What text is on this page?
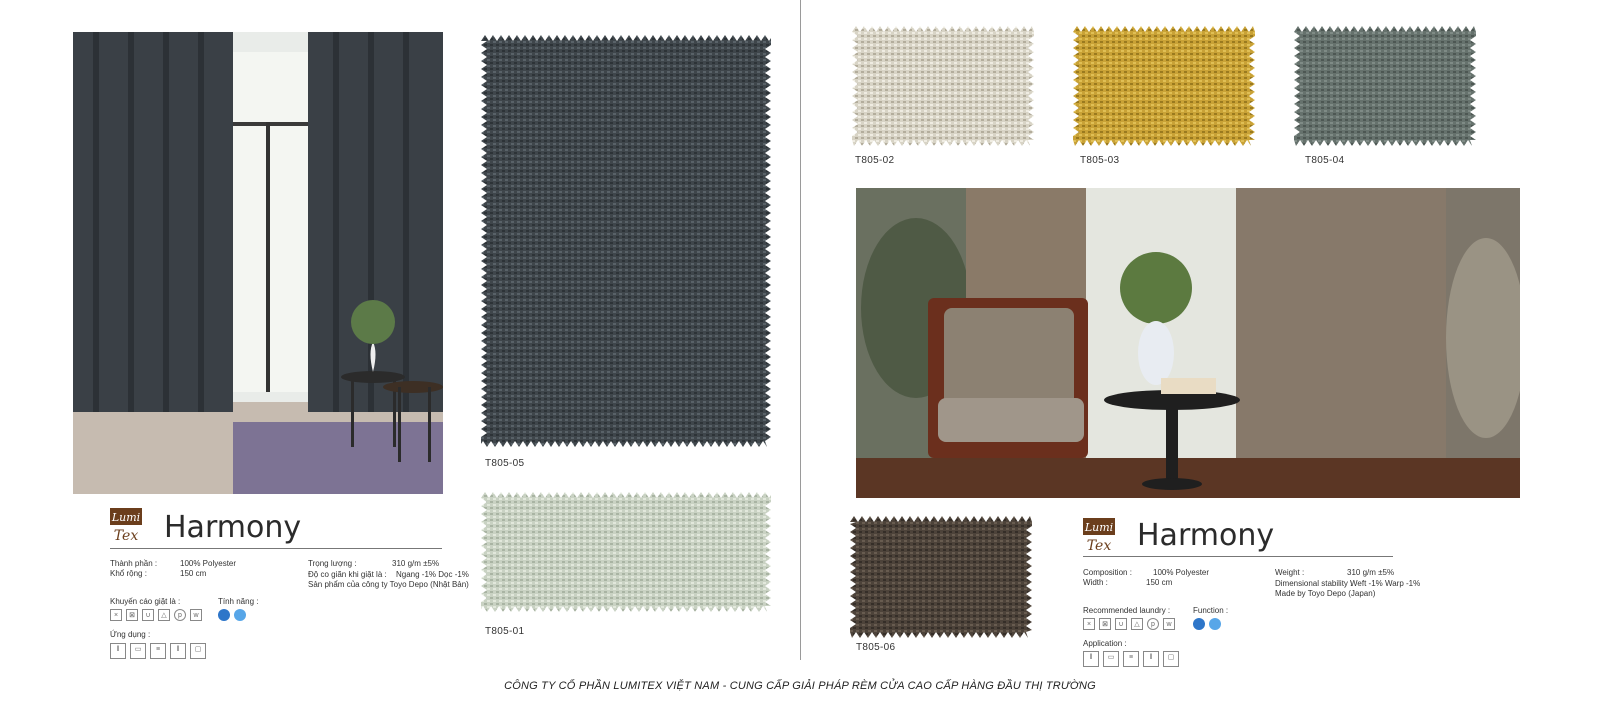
T805-05
T805-01
Lumi
Tex Harmony
Thành phần :	100% Polyester
Khổ rộng :	150 cm
Trọng lượng :	310 g/m ±5%
Độ co giãn khi giặt là : Ngang -1% Dọc -1%
Sản phẩm của công ty Toyo Depo (Nhật Bản)
Khuyến cáo giặt là :
×	⊠	∪	△	p	w
Tính năng :
Ứng dụng :
‖	▭	≡	‖	▢
T805-02	T805-03	T805-04
T805-06
Lumi
Tex Harmony
Composition :	100% Polyester
Width :	150 cm
Weight :	310 g/m ±5%
Dimensional stability :
Weft -1% Warp -1%
Made by Toyo Depo (Japan)
Recommended laundry :
×	⊠	∪	△	p	w
Function :
Application :
‖	▭	≡	‖	▢
CÔNG TY CỔ PHẦN LUMITEX VIỆT NAM - CUNG CẤP GIẢI PHÁP RÈM CỬA CAO CẤP HÀNG ĐẦU THỊ TRƯỜNG
